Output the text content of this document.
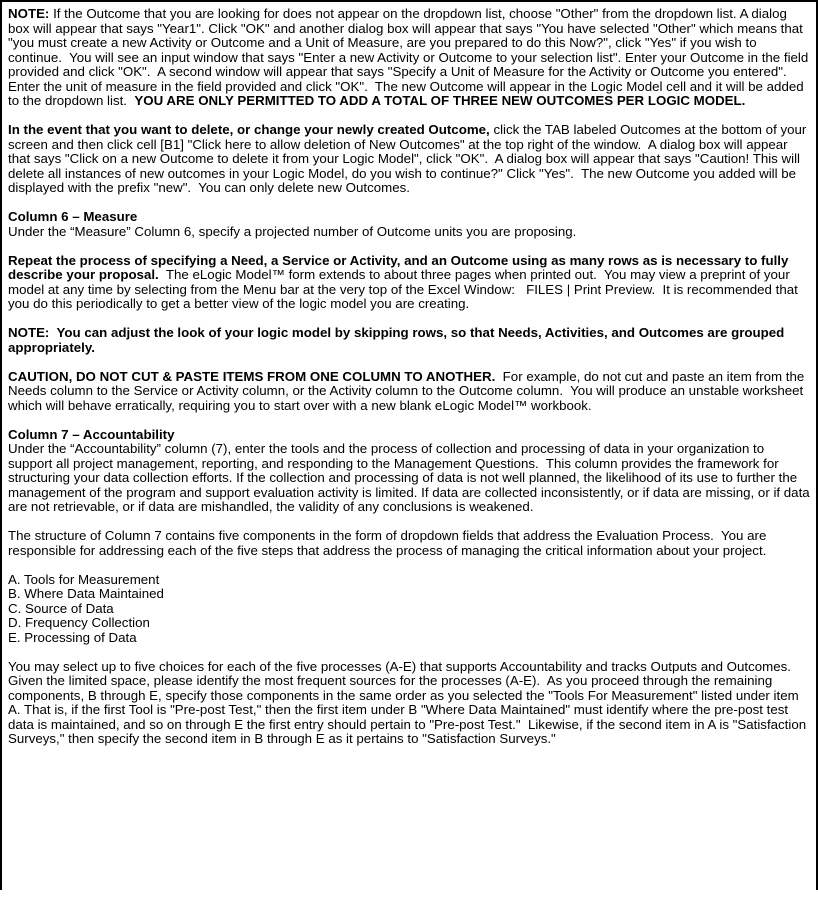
NOTE: If the Outcome that you are looking for does not appear on the dropdown list, choose "Other" from the dropdown list. A dialog box will appear that says "Year1". Click "OK" and another dialog box will appear that says "You have selected "Other" which means that "you must create a new Activity or Outcome and a Unit of Measure, are you prepared to do this Now?", click "Yes" if you wish to continue.  You will see an input window that says "Enter a new Activity or Outcome to your selection list". Enter your Outcome in the field provided and click "OK".  A second window will appear that says "Specify a Unit of Measure for the Activity or Outcome you entered". Enter the unit of measure in the field provided and click "OK".  The new Outcome will appear in the Logic Model cell and it will be added to the dropdown list.  YOU ARE ONLY PERMITTED TO ADD A TOTAL OF THREE NEW OUTCOMES PER LOGIC MODEL.

In the event that you want to delete, or change your newly created Outcome, click the TAB labeled Outcomes at the bottom of your screen and then click cell [B1] "Click here to allow deletion of New Outcomes" at the top right of the window.  A dialog box will appear that says "Click on a new Outcome to delete it from your Logic Model", click "OK".  A dialog box will appear that says "Caution! This will delete all instances of new outcomes in your Logic Model, do you wish to continue?" Click "Yes".  The new Outcome you added will be displayed with the prefix "new".  You can only delete new Outcomes.

Column 6 – Measure
Under the “Measure” Column 6, specify a projected number of Outcome units you are proposing.

Repeat the process of specifying a Need, a Service or Activity, and an Outcome using as many rows as is necessary to fully describe your proposal.  The eLogic Model™ form extends to about three pages when printed out.  You may view a preprint of your model at any time by selecting from the Menu bar at the very top of the Excel Window:   FILES | Print Preview.  It is recommended that you do this periodically to get a better view of the logic model you are creating.

NOTE:  You can adjust the look of your logic model by skipping rows, so that Needs, Activities, and Outcomes are grouped appropriately.

CAUTION, DO NOT CUT & PASTE ITEMS FROM ONE COLUMN TO ANOTHER.  For example, do not cut and paste an item from the Needs column to the Service or Activity column, or the Activity column to the Outcome column.  You will produce an unstable worksheet which will behave erratically, requiring you to start over with a new blank eLogic Model™ workbook.

Column 7 – Accountability
Under the “Accountability” column (7), enter the tools and the process of collection and processing of data in your organization to support all project management, reporting, and responding to the Management Questions.  This column provides the framework for structuring your data collection efforts. If the collection and processing of data is not well planned, the likelihood of its use to further the management of the program and support evaluation activity is limited. If data are collected inconsistently, or if data are missing, or if data are not retrievable, or if data are mishandled, the validity of any conclusions is weakened.

The structure of Column 7 contains five components in the form of dropdown fields that address the Evaluation Process.  You are responsible for addressing each of the five steps that address the process of managing the critical information about your project.

A. Tools for Measurement
B. Where Data Maintained
C. Source of Data
D. Frequency Collection
E. Processing of Data

You may select up to five choices for each of the five processes (A-E) that supports Accountability and tracks Outputs and Outcomes. Given the limited space, please identify the most frequent sources for the processes (A-E).  As you proceed through the remaining components, B through E, specify those components in the same order as you selected the "Tools For Measurement" listed under item A. That is, if the first Tool is "Pre-post Test," then the first item under B "Where Data Maintained" must identify where the pre-post test data is maintained, and so on through E the first entry should pertain to "Pre-post Test."  Likewise, if the second item in A is "Satisfaction Surveys," then specify the second item in B through E as it pertains to "Satisfaction Surveys."
